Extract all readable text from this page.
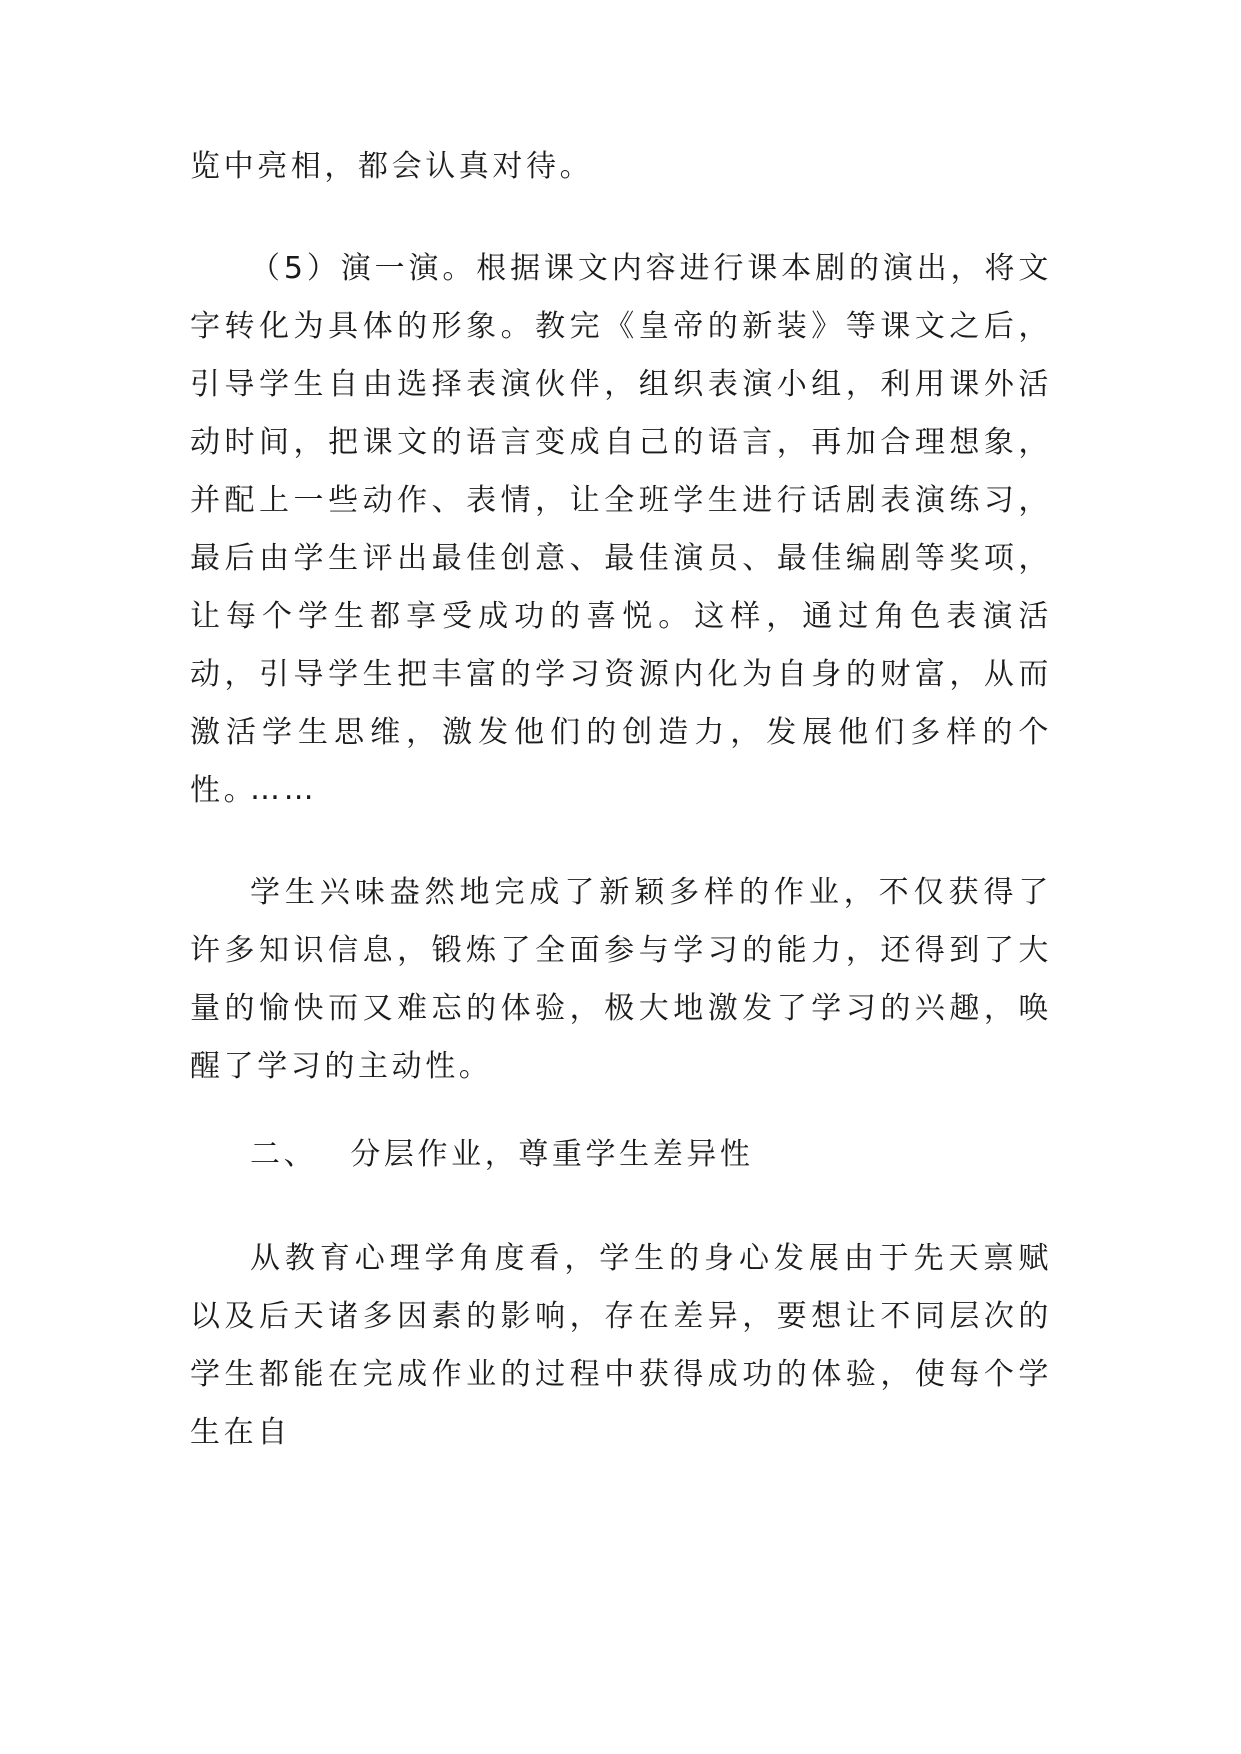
览中亮相，都会认真对待。

（5）演一演。根据课文内容进行课本剧的演出，将文字转化为具体的形象。教完《皇帝的新装》等课文之后，引导学生自由选择表演伙伴，组织表演小组，利用课外活动时间，把课文的语言变成自己的语言，再加合理想象，并配上一些动作、表情，让全班学生进行话剧表演练习，最后由学生评出最佳创意、最佳演员、最佳编剧等奖项，让每个学生都享受成功的喜悦。这样，通过角色表演活动，引导学生把丰富的学习资源内化为自身的财富，从而激活学生思维，激发他们的创造力，发展他们多样的个性。

……

学生兴味盎然地完成了新颖多样的作业，不仅获得了许多知识信息，锻炼了全面参与学习的能力，还得到了大量的愉快而又难忘的体验，极大地激发了学习的兴趣，唤醒了学习的主动性。

二、 分层作业，尊重学生差异性

从教育心理学角度看，学生的身心发展由于先天禀赋以及后天诸多因素的影响，存在差异，要想让不同层次的学生都能在完成作业的过程中获得成功的体验，使每个学生在自
